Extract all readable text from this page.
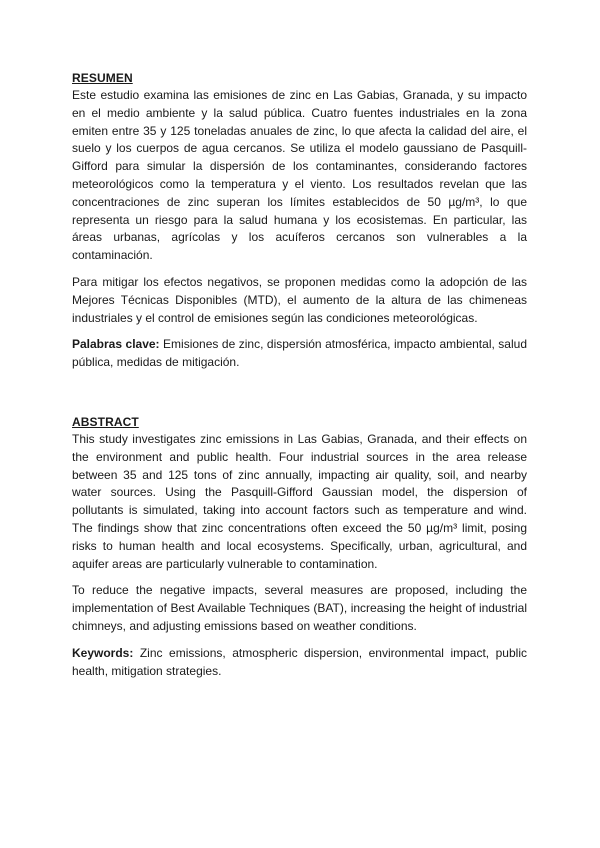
RESUMEN

Este estudio examina las emisiones de zinc en Las Gabias, Granada, y su impacto en el medio ambiente y la salud pública. Cuatro fuentes industriales en la zona emiten entre 35 y 125 toneladas anuales de zinc, lo que afecta la calidad del aire, el suelo y los cuerpos de agua cercanos. Se utiliza el modelo gaussiano de Pasquill-Gifford para simular la dispersión de los contaminantes, considerando factores meteorológicos como la temperatura y el viento. Los resultados revelan que las concentraciones de zinc superan los límites establecidos de 50 µg/m³, lo que representa un riesgo para la salud humana y los ecosistemas. En particular, las áreas urbanas, agrícolas y los acuíferos cercanos son vulnerables a la contaminación.

Para mitigar los efectos negativos, se proponen medidas como la adopción de las Mejores Técnicas Disponibles (MTD), el aumento de la altura de las chimeneas industriales y el control de emisiones según las condiciones meteorológicas.

Palabras clave: Emisiones de zinc, dispersión atmosférica, impacto ambiental, salud pública, medidas de mitigación.

ABSTRACT

This study investigates zinc emissions in Las Gabias, Granada, and their effects on the environment and public health. Four industrial sources in the area release between 35 and 125 tons of zinc annually, impacting air quality, soil, and nearby water sources. Using the Pasquill-Gifford Gaussian model, the dispersion of pollutants is simulated, taking into account factors such as temperature and wind. The findings show that zinc concentrations often exceed the 50 µg/m³ limit, posing risks to human health and local ecosystems. Specifically, urban, agricultural, and aquifer areas are particularly vulnerable to contamination.

To reduce the negative impacts, several measures are proposed, including the implementation of Best Available Techniques (BAT), increasing the height of industrial chimneys, and adjusting emissions based on weather conditions.

Keywords: Zinc emissions, atmospheric dispersion, environmental impact, public health, mitigation strategies.
